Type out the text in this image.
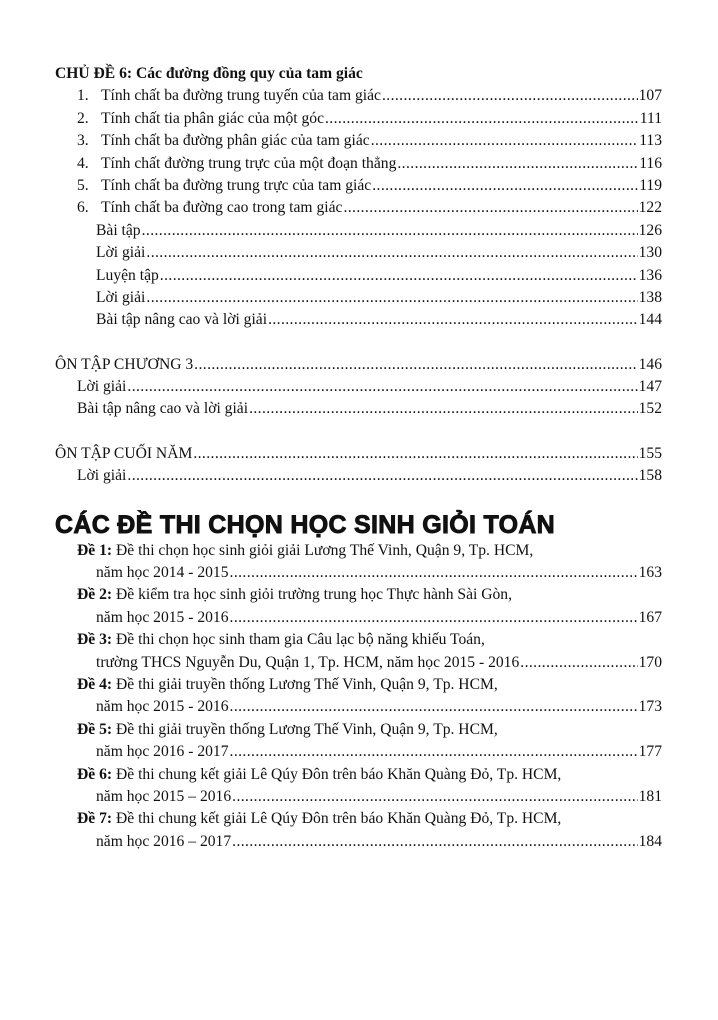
CHỦ ĐỀ 6: Các đường đồng quy của tam giác
1. Tính chất ba đường trung tuyến của tam giác .....	107
2. Tính chất tia phân giác của một góc .....	111
3. Tính chất ba đường phân giác của tam giác .....	113
4. Tính chất đường trung trực của một đoạn thẳng .....	116
5. Tính chất ba đường trung trực của tam giác .....	119
6. Tính chất ba đường cao trong tam giác .....	122
Bài tập .....	126
Lời giải .....	130
Luyện tập .....	136
Lời giải .....	138
Bài tập nâng cao và lời giải .....	144
ÔN TẬP CHƯƠNG 3 .....	146
Lời giải .....	147
Bài tập nâng cao và lời giải .....	152
ÔN TẬP CUỐI NĂM .....	155
Lời giải .....	158
CÁC ĐỀ THI CHỌN HỌC SINH GIỎI TOÁN
Đề 1:
Đề thi chọn học sinh giỏi giải Lương Thế Vinh, Quận 9, Tp. HCM,
năm học 2014 - 2015 .....	163
Đề 2:
Đề kiểm tra học sinh giỏi trường trung học Thực hành Sài Gòn,
năm học 2015 - 2016 .....	167
Đề 3:
Đề thi chọn học sinh tham gia Câu lạc bộ năng khiếu Toán,
trường THCS Nguyễn Du, Quận 1, Tp. HCM, năm học 2015 - 2016 .....	170
Đề 4:
Đề thi giải truyền thống Lương Thế Vinh, Quận 9, Tp. HCM,
năm học 2015 - 2016 .....	173
Đề 5:
Đề thi giải truyền thống Lương Thế Vinh, Quận 9, Tp. HCM,
năm học 2016 - 2017 .....	177
Đề 6:
Đề thi chung kết giải Lê Qúy Đôn trên báo Khăn Quàng Đỏ, Tp. HCM,
năm học 2015 – 2016 .....	181
Đề 7:
Đề thi chung kết giải Lê Qúy Đôn trên báo Khăn Quàng Đỏ, Tp. HCM,
năm học 2016 – 2017 .....	184
